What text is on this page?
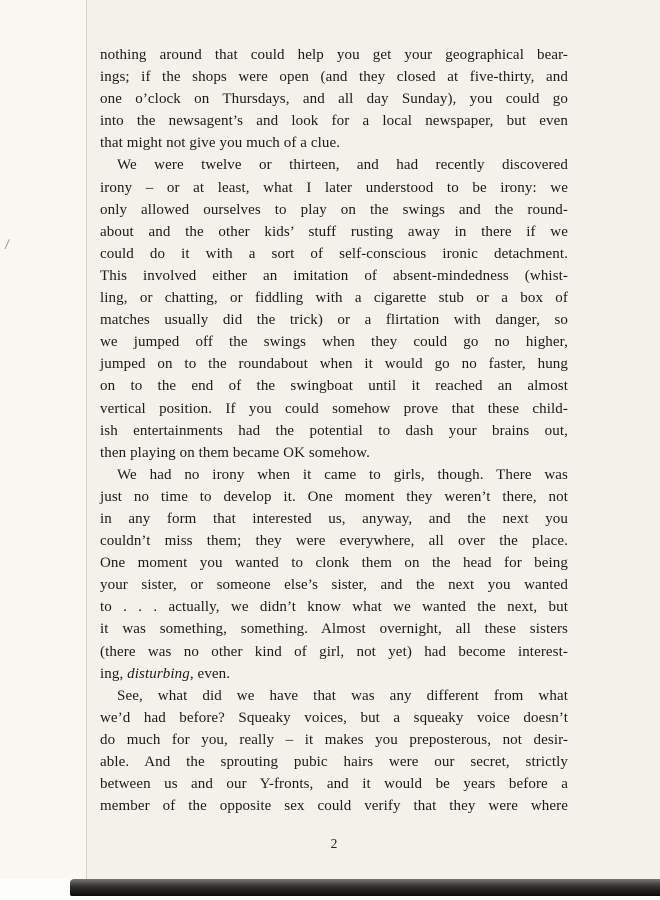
/
nothing around that could help you get your geographical bear-
ings; if the shops were open (and they closed at five-thirty, and
one o’clock on Thursdays, and all day Sunday), you could go
into the newsagent’s and look for a local newspaper, but even
that might not give you much of a clue.
We were twelve or thirteen, and had recently discovered
irony – or at least, what I later understood to be irony: we
only allowed ourselves to play on the swings and the round-
about and the other kids’ stuff rusting away in there if we
could do it with a sort of self-conscious ironic detachment.
This involved either an imitation of absent-mindedness (whist-
ling, or chatting, or fiddling with a cigarette stub or a box of
matches usually did the trick) or a flirtation with danger, so
we jumped off the swings when they could go no higher,
jumped on to the roundabout when it would go no faster, hung
on to the end of the swingboat until it reached an almost
vertical position. If you could somehow prove that these child-
ish entertainments had the potential to dash your brains out,
then playing on them became OK somehow.
We had no irony when it came to girls, though. There was
just no time to develop it. One moment they weren’t there, not
in any form that interested us, anyway, and the next you
couldn’t miss them; they were everywhere, all over the place.
One moment you wanted to clonk them on the head for being
your sister, or someone else’s sister, and the next you wanted
to . . . actually, we didn’t know what we wanted the next, but
it was something, something. Almost overnight, all these sisters
(there was no other kind of girl, not yet) had become interest-
ing, disturbing, even.
See, what did we have that was any different from what
we’d had before? Squeaky voices, but a squeaky voice doesn’t
do much for you, really – it makes you preposterous, not desir-
able. And the sprouting pubic hairs were our secret, strictly
between us and our Y-fronts, and it would be years before a
member of the opposite sex could verify that they were where
2
